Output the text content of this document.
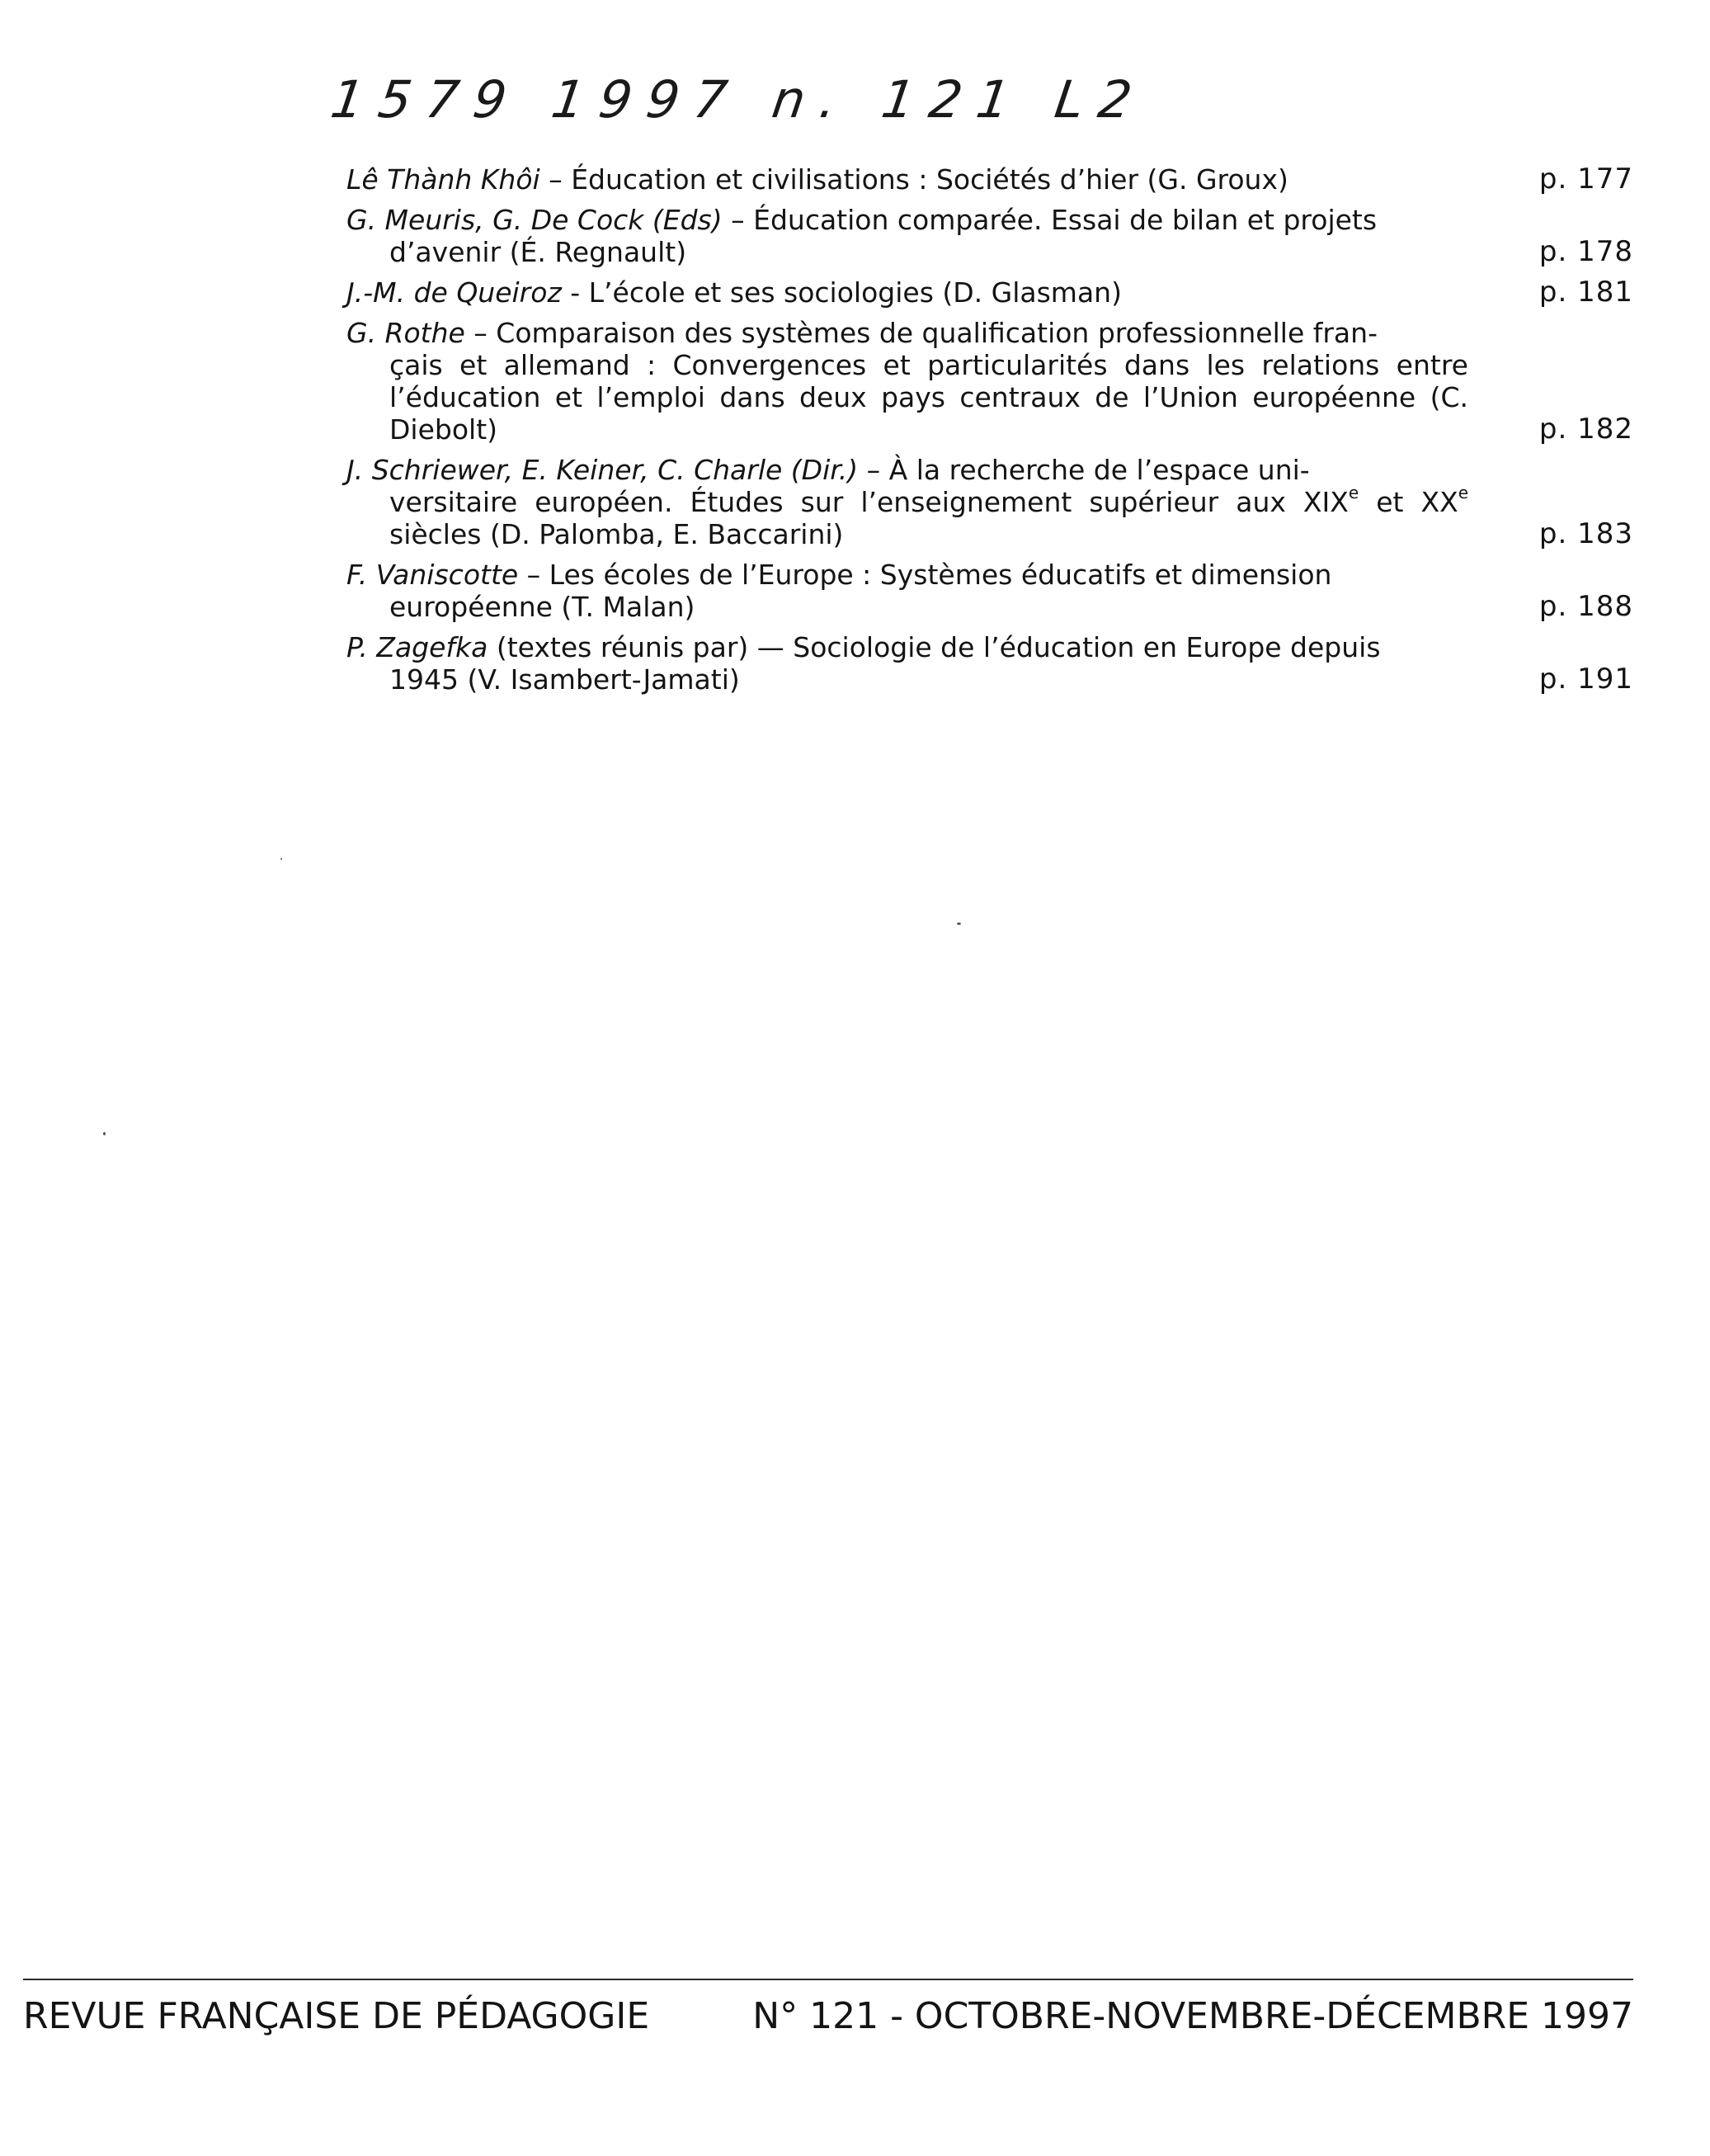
1579 1997 n. 121 L2
Lê Thành Khôi – Éducation et civilisations : Sociétés d’hier (G. Groux)	p. 177
G. Meuris, G. De Cock (Eds) – Éducation comparée. Essai de bilan et projets
d’avenir (É. Regnault)	p. 178
J.-M. de Queiroz - L’école et ses sociologies (D. Glasman)	p. 181
G. Rothe – Comparaison des systèmes de qualification professionnelle fran-
çais et allemand : Convergences et particularités dans les relations entre l’éducation et l’emploi dans deux pays centraux de l’Union européenne (C. Diebolt)	p. 182
J. Schriewer, E. Keiner, C. Charle (Dir.) – À la recherche de l’espace uni-
versitaire européen. Études sur l’enseignement supérieur aux XIXe et XXe siècles (D. Palomba, E. Baccarini)	p. 183
F. Vaniscotte – Les écoles de l’Europe : Systèmes éducatifs et dimension
européenne (T. Malan)	p. 188
P. Zagefka (textes réunis par) — Sociologie de l’éducation en Europe depuis
1945 (V. Isambert-Jamati)	p. 191
REVUE FRANÇAISE DE PÉDAGOGIE	N° 121 - OCTOBRE-NOVEMBRE-DÉCEMBRE 1997
